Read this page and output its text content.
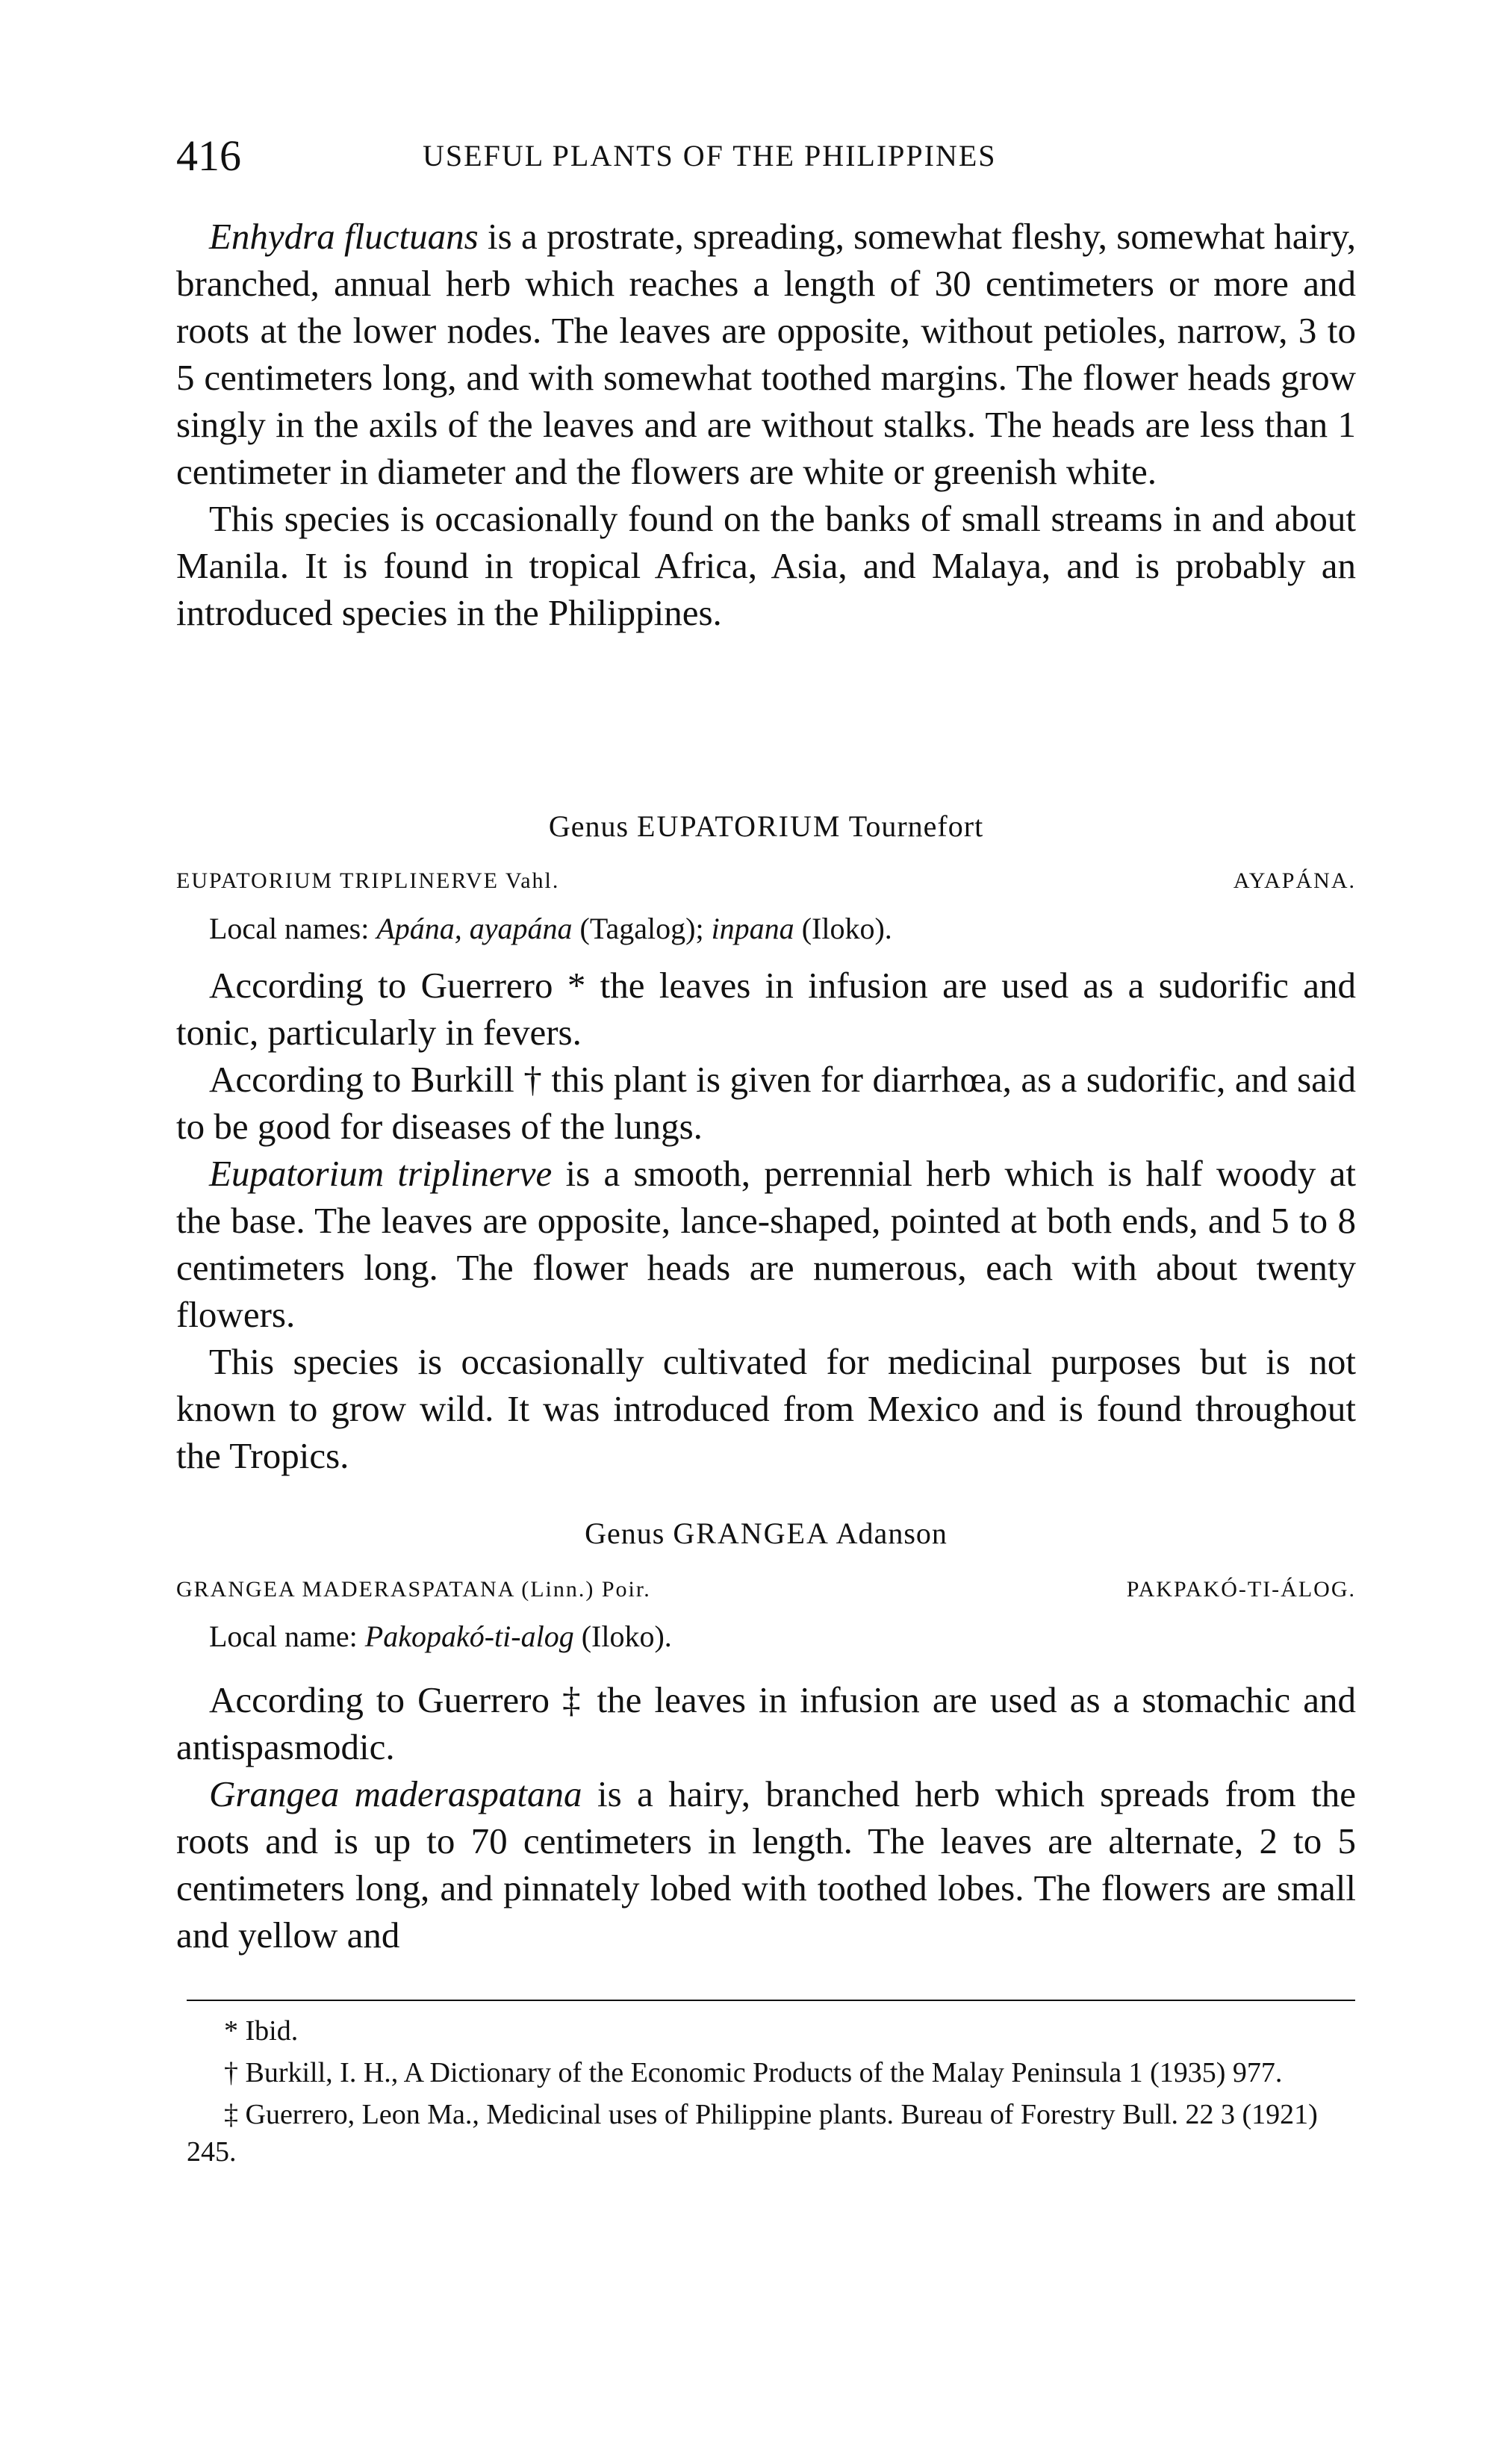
416	USEFUL PLANTS OF THE PHILIPPINES

Enhydra fluctuans is a prostrate, spreading, somewhat fleshy, somewhat hairy, branched, annual herb which reaches a length of 30 centimeters or more and roots at the lower nodes. The leaves are opposite, without petioles, narrow, 3 to 5 centimeters long, and with somewhat toothed margins. The flower heads grow singly in the axils of the leaves and are without stalks. The heads are less than 1 centimeter in diameter and the flowers are white or greenish white.

This species is occasionally found on the banks of small streams in and about Manila. It is found in tropical Africa, Asia, and Malaya, and is probably an introduced species in the Philippines.

Genus EUPATORIUM Tournefort
EUPATORIUM TRIPLINERVE Vahl.	AYAPÁNA.
Local names: Apána, ayapána (Tagalog); inpana (Iloko).

According to Guerrero * the leaves in infusion are used as a sudorific and tonic, particularly in fevers.

According to Burkill † this plant is given for diarrhœa, as a sudorific, and said to be good for diseases of the lungs.

Eupatorium triplinerve is a smooth, perrennial herb which is half woody at the base. The leaves are opposite, lance-shaped, pointed at both ends, and 5 to 8 centimeters long. The flower heads are numerous, each with about twenty flowers.

This species is occasionally cultivated for medicinal purposes but is not known to grow wild. It was introduced from Mexico and is found throughout the Tropics.

Genus GRANGEA Adanson
GRANGEA MADERASPATANA (Linn.) Poir.	PAKPAKÓ-TI-ÁLOG.
Local name: Pakopakó-ti-alog (Iloko).

According to Guerrero ‡ the leaves in infusion are used as a stomachic and antispasmodic.

Grangea maderaspatana is a hairy, branched herb which spreads from the roots and is up to 70 centimeters in length. The leaves are alternate, 2 to 5 centimeters long, and pinnately lobed with toothed lobes. The flowers are small and yellow and

* Ibid.

† Burkill, I. H., A Dictionary of the Economic Products of the Malay Peninsula 1 (1935) 977.

‡ Guerrero, Leon Ma., Medicinal uses of Philippine plants. Bureau of Forestry Bull. 22 3 (1921) 245.
